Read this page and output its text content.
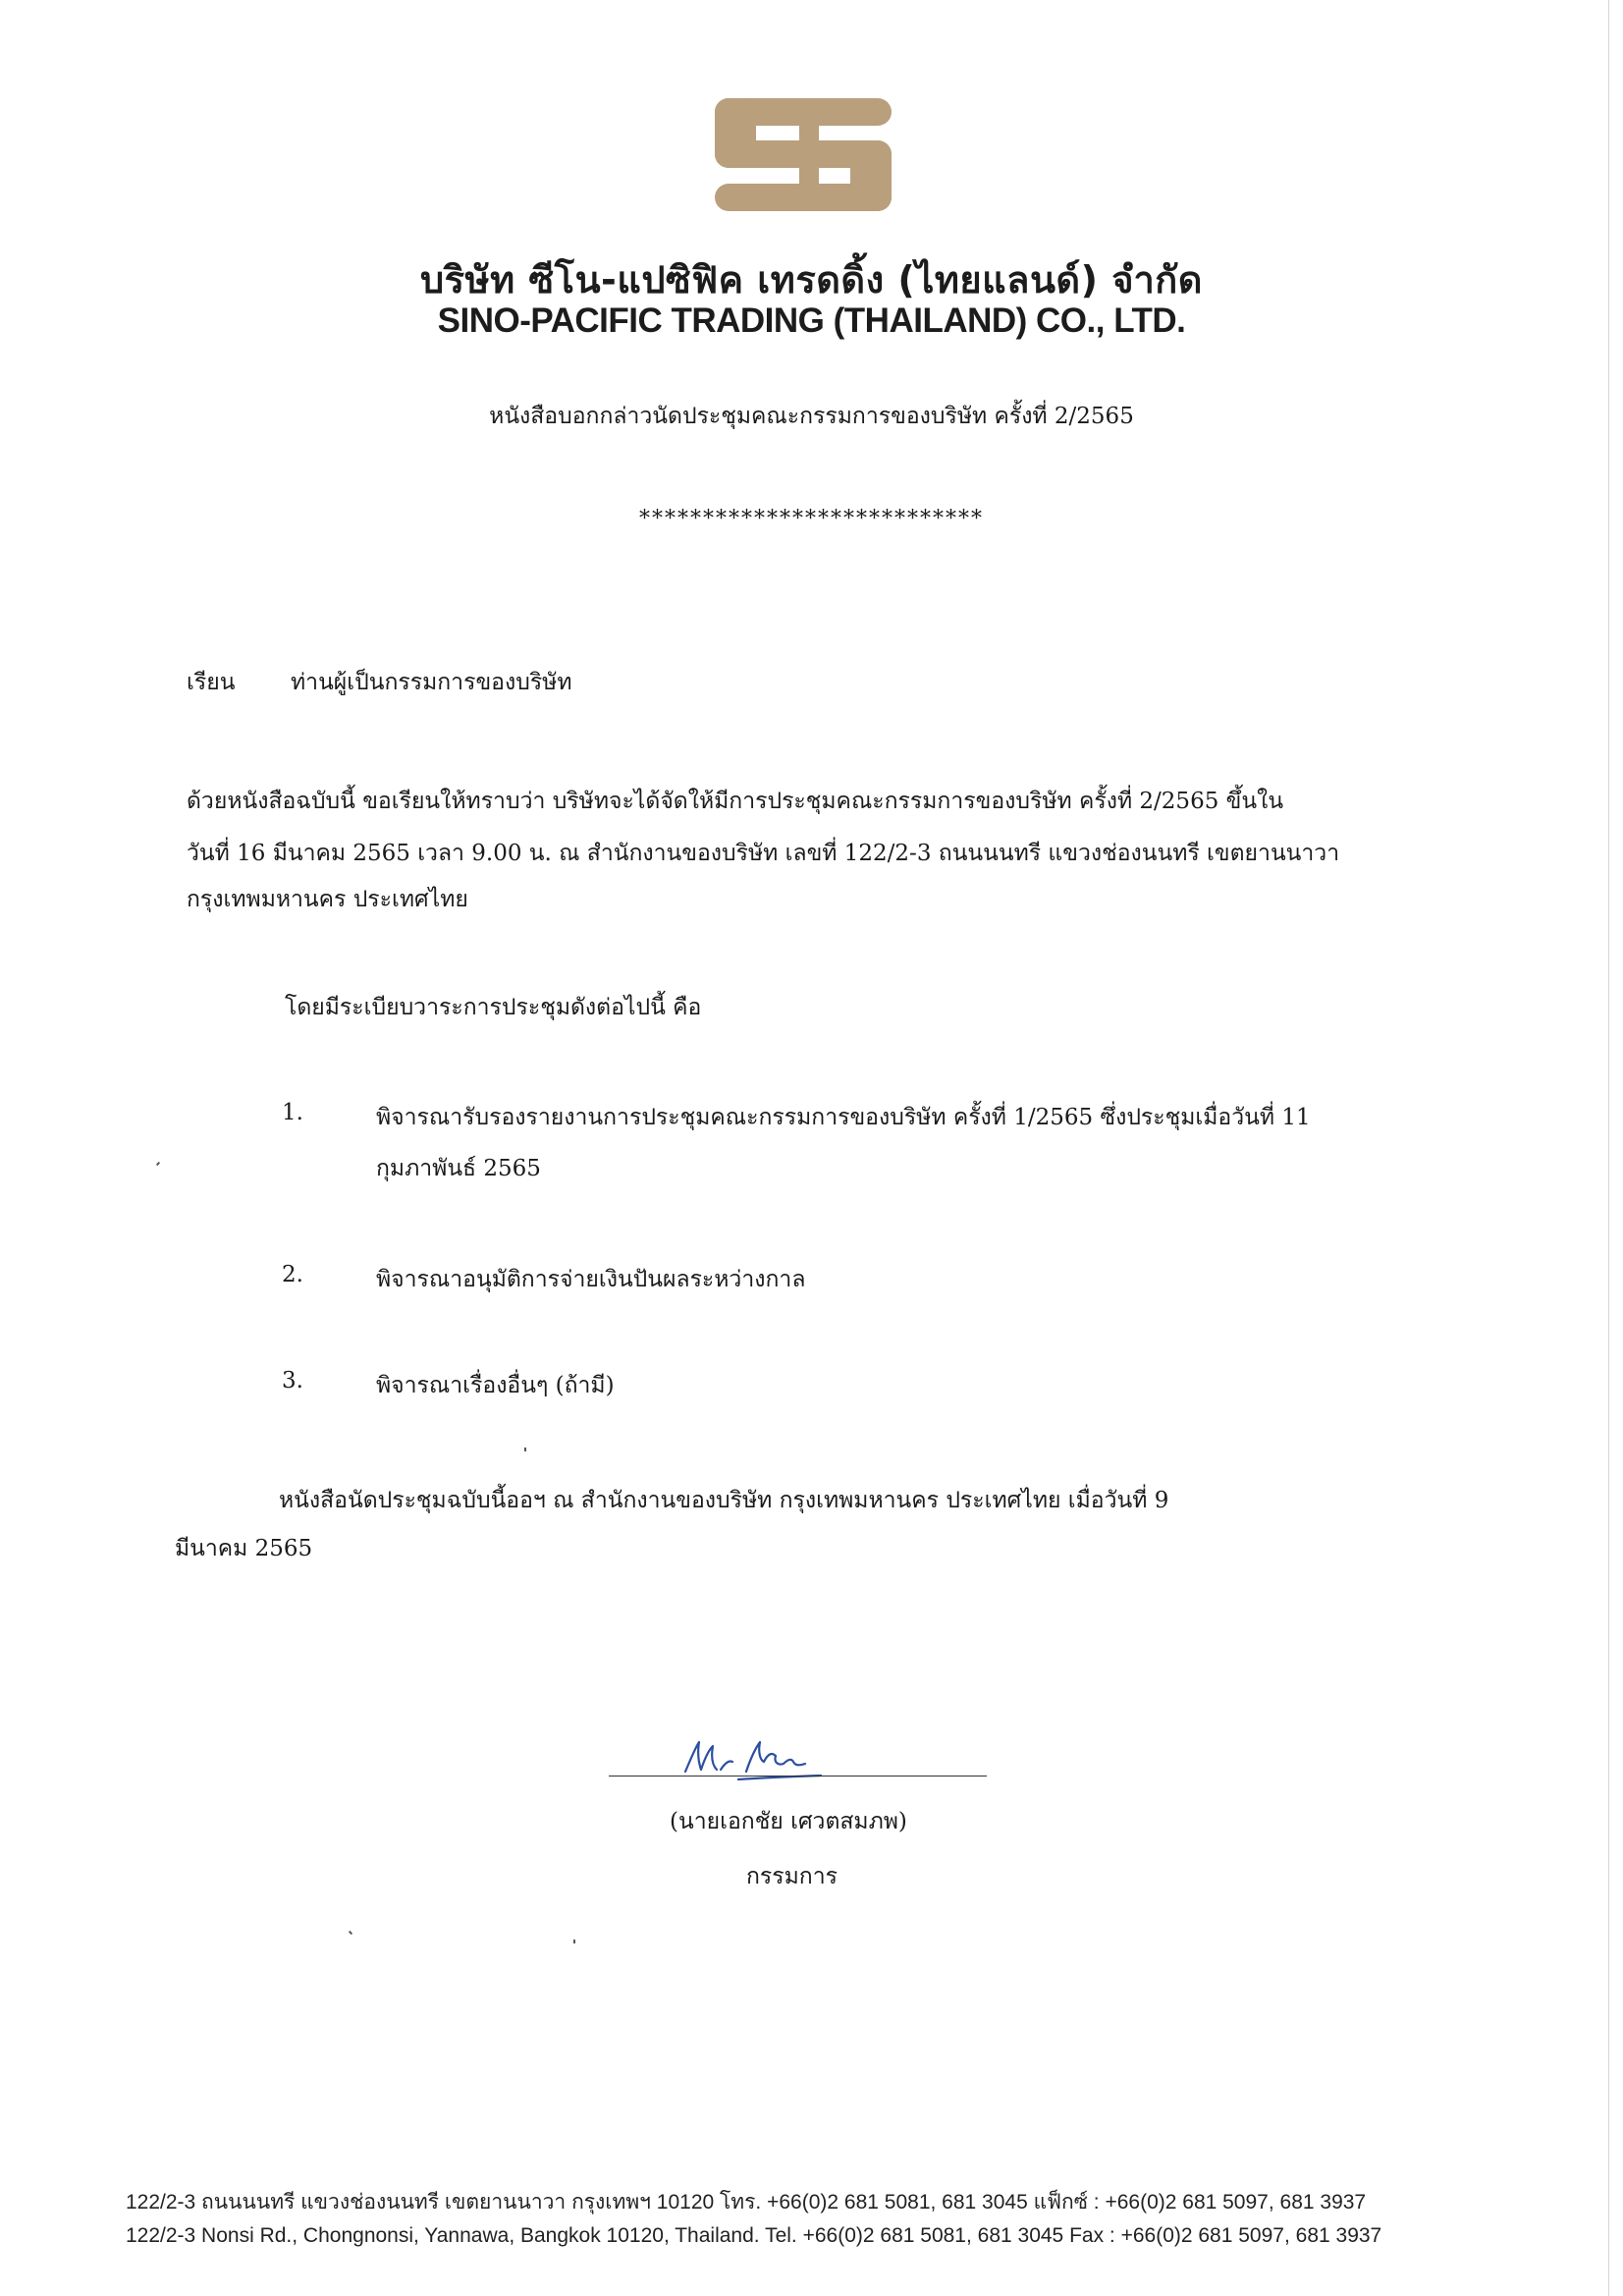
บริษัท ซีโน-แปซิฟิค เทรดดิ้ง (ไทยแลนด์) จำกัด
SINO-PACIFIC TRADING (THAILAND) CO., LTD.
หนังสือบอกกล่าวนัดประชุมคณะกรรมการของบริษัท ครั้งที่ 2/2565
***************************
เรียน ท่านผู้เป็นกรรมการของบริษัท
ด้วยหนังสือฉบับนี้ ขอเรียนให้ทราบว่า บริษัทจะได้จัดให้มีการประชุมคณะกรรมการของบริษัท ครั้งที่ 2/2565 ขึ้นใน
วันที่ 16 มีนาคม 2565 เวลา 9.00 น. ณ สำนักงานของบริษัท เลขที่ 122/2-3 ถนนนนทรี แขวงช่องนนทรี เขตยานนาวา
กรุงเทพมหานคร ประเทศไทย
โดยมีระเบียบวาระการประชุมดังต่อไปนี้ คือ
1.	พิจารณารับรองรายงานการประชุมคณะกรรมการของบริษัท ครั้งที่ 1/2565 ซึ่งประชุมเมื่อวันที่ 11
กุมภาพันธ์ 2565
2.	พิจารณาอนุมัติการจ่ายเงินปันผลระหว่างกาล
3.	พิจารณาเรื่องอื่นๆ (ถ้ามี)
หนังสือนัดประชุมฉบับนี้ออฯ ณ สำนักงานของบริษัท กรุงเทพมหานคร ประเทศไทย เมื่อวันที่ 9
มีนาคม 2565
(นายเอกชัย เศวตสมภพ)
กรรมการ
122/2-3 ถนนนนทรี แขวงช่องนนทรี เขตยานนาวา กรุงเทพฯ 10120 โทร. +66(0)2 681 5081, 681 3045 แฟ็กซ์ : +66(0)2 681 5097, 681 3937
122/2-3 Nonsi Rd., Chongnonsi, Yannawa, Bangkok 10120, Thailand. Tel. +66(0)2 681 5081, 681 3045 Fax : +66(0)2 681 5097, 681 3937
